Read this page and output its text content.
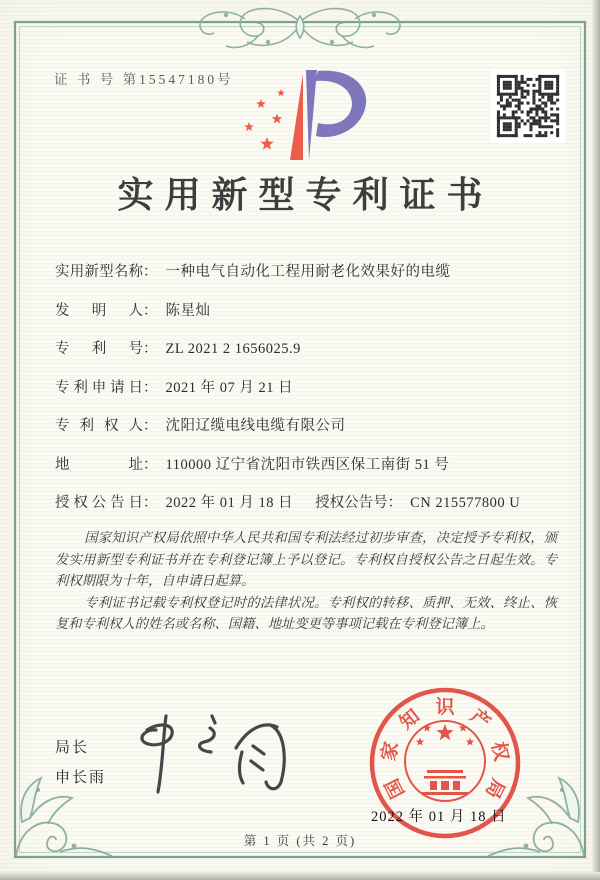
证 书 号 第15547180号
实用新型专利证书
实用新型名称 ： 一种电气自动化工程用耐老化效果好的电缆
发明人 ： 陈星灿
专利号 ： ZL 2021 2 1656025.9
专利申请日 ： 2021 年 07 月 21 日
专利权人 ： 沈阳辽缆电线电缆有限公司
地址 ： 110000 辽宁省沈阳市铁西区保工南街 51 号
授权公告日 ： 2022 年 01 月 18 日 授权公告号 ： CN 215577800 U

国家知识产权局依照中华人民共和国专利法经过初步审查，决定授予专利权，颁发实用新型专利证书并在专利登记簿上予以登记。专利权自授权公告之日起生效。专利权期限为十年，自申请日起算。

专利证书记载专利权登记时的法律状况。专利权的转移、质押、无效、终止、恢复和专利权人的姓名或名称、国籍、地址变更等事项记载在专利登记簿上。

局长
申长雨	国
家
知 识 产
权
局
2022 年 01 月 18 日
第 1 页 (共 2 页)
